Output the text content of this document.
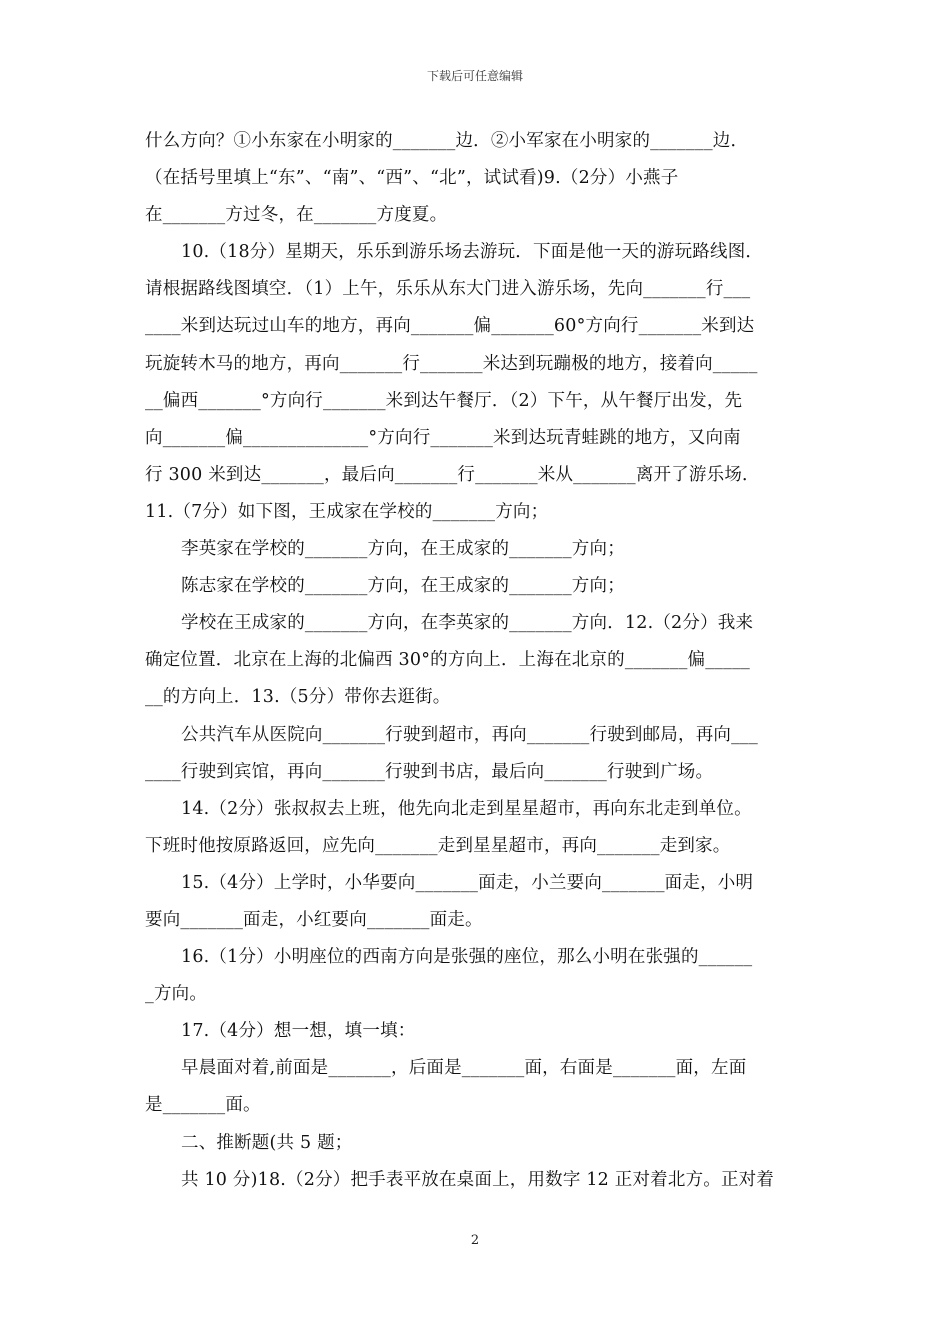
下载后可任意编辑
什么方向？①小东家在小明家的_______边．②小军家在小明家的_______边．
（在括号里填上“东”、“南”、“西”、“北”，试试看)9.（2分）小燕子
在_______方过冬，在_______方度夏。
10.（18分）星期天，乐乐到游乐场去游玩．下面是他一天的游玩路线图．
请根据路线图填空．（1）上午，乐乐从东大门进入游乐场，先向_______行___
____米到达玩过山车的地方，再向_______偏_______60°方向行_______米到达
玩旋转木马的地方，再向_______行_______米达到玩蹦极的地方，接着向_____
__偏西_______°方向行_______米到达午餐厅．（2）下午，从午餐厅出发，先
向_______偏______________°方向行_______米到达玩青蛙跳的地方，又向南
行 300 米到达_______，最后向_______行_______米从_______离开了游乐场．
11.（7分）如下图，王成家在学校的_______方向；
李英家在学校的_______方向，在王成家的_______方向；
陈志家在学校的_______方向，在王成家的_______方向；
学校在王成家的_______方向，在李英家的_______方向．12.（2分）我来
确定位置．北京在上海的北偏西 30°的方向上．上海在北京的_______偏_____
__的方向上．13.（5分）带你去逛街。
公共汽车从医院向_______行驶到超市，再向_______行驶到邮局，再向___
____行驶到宾馆，再向_______行驶到书店，最后向_______行驶到广场。
14.（2分）张叔叔去上班，他先向北走到星星超市，再向东北走到单位。
下班时他按原路返回，应先向_______走到星星超市，再向_______走到家。
15.（4分）上学时，小华要向_______面走，小兰要向_______面走，小明
要向_______面走，小红要向_______面走。
16.（1分）小明座位的西南方向是张强的座位，那么小明在张强的______
_方向。
17.（4分）想一想，填一填：
早晨面对着,前面是_______，后面是_______面，右面是_______面，左面
是_______面。
二、推断题(共 5 题；
共 10 分)18.（2分）把手表平放在桌面上，用数字 12 正对着北方。正对着
2
